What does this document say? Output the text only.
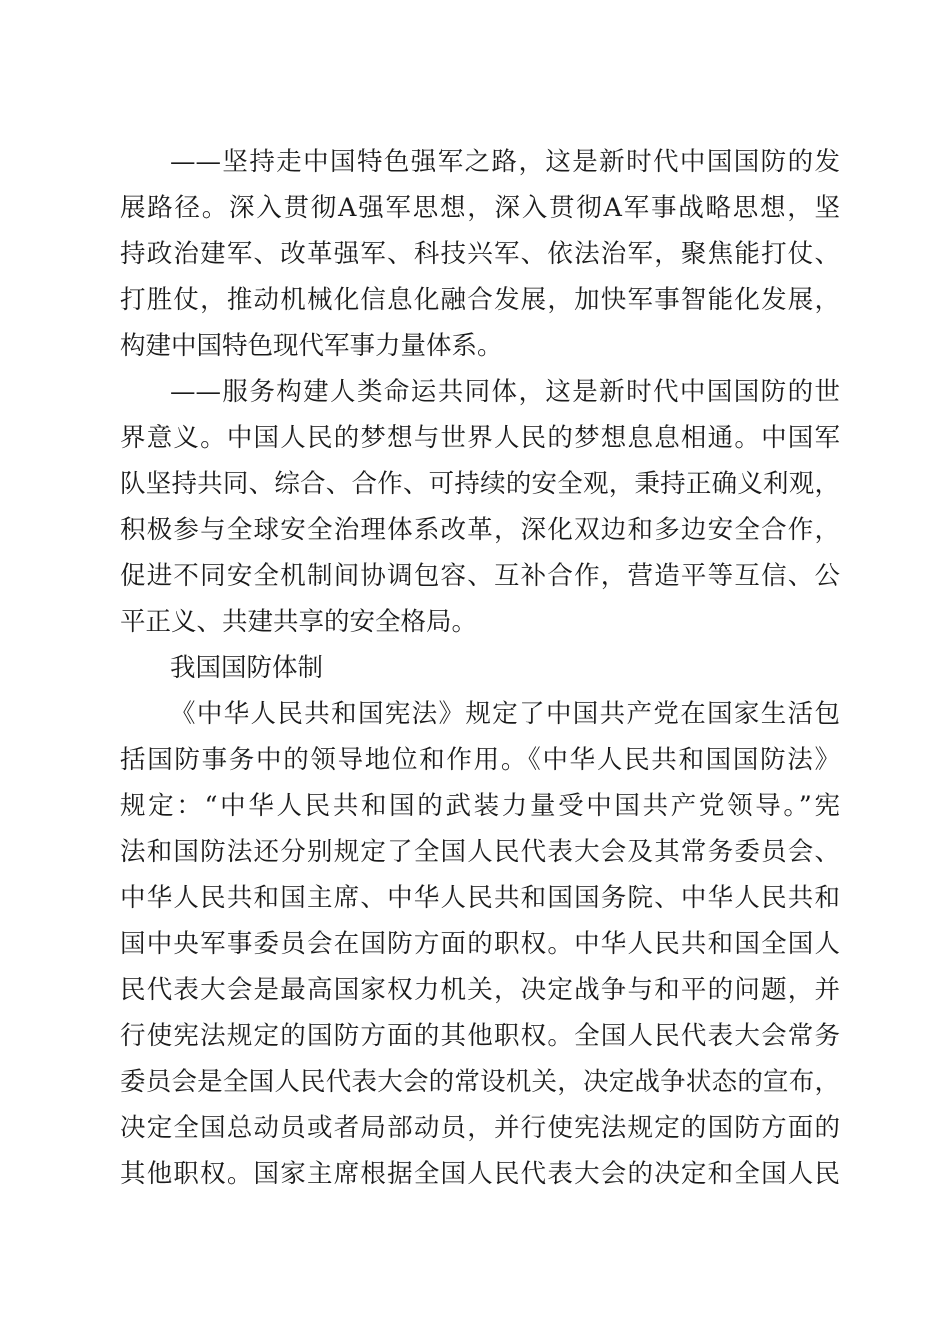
——坚持走中国特色强军之路，这是新时代中国国防的发
展路径。深入贯彻A强军思想，深入贯彻A军事战略思想，坚
持政治建军、改革强军、科技兴军、依法治军，聚焦能打仗、
打胜仗，推动机械化信息化融合发展，加快军事智能化发展，
构建中国特色现代军事力量体系。
——服务构建人类命运共同体，这是新时代中国国防的世
界意义。中国人民的梦想与世界人民的梦想息息相通。中国军
队坚持共同、综合、合作、可持续的安全观，秉持正确义利观，
积极参与全球安全治理体系改革，深化双边和多边安全合作，
促进不同安全机制间协调包容、互补合作，营造平等互信、公
平正义、共建共享的安全格局。
我国国防体制
《中华人民共和国宪法》规定了中国共产党在国家生活包
括国防事务中的领导地位和作用。《中华人民共和国国防法》
规定：“中华人民共和国的武装力量受中国共产党领导。”宪
法和国防法还分别规定了全国人民代表大会及其常务委员会、
中华人民共和国主席、中华人民共和国国务院、中华人民共和
国中央军事委员会在国防方面的职权。中华人民共和国全国人
民代表大会是最高国家权力机关，决定战争与和平的问题，并
行使宪法规定的国防方面的其他职权。全国人民代表大会常务
委员会是全国人民代表大会的常设机关，决定战争状态的宣布，
决定全国总动员或者局部动员，并行使宪法规定的国防方面的
其他职权。国家主席根据全国人民代表大会的决定和全国人民
